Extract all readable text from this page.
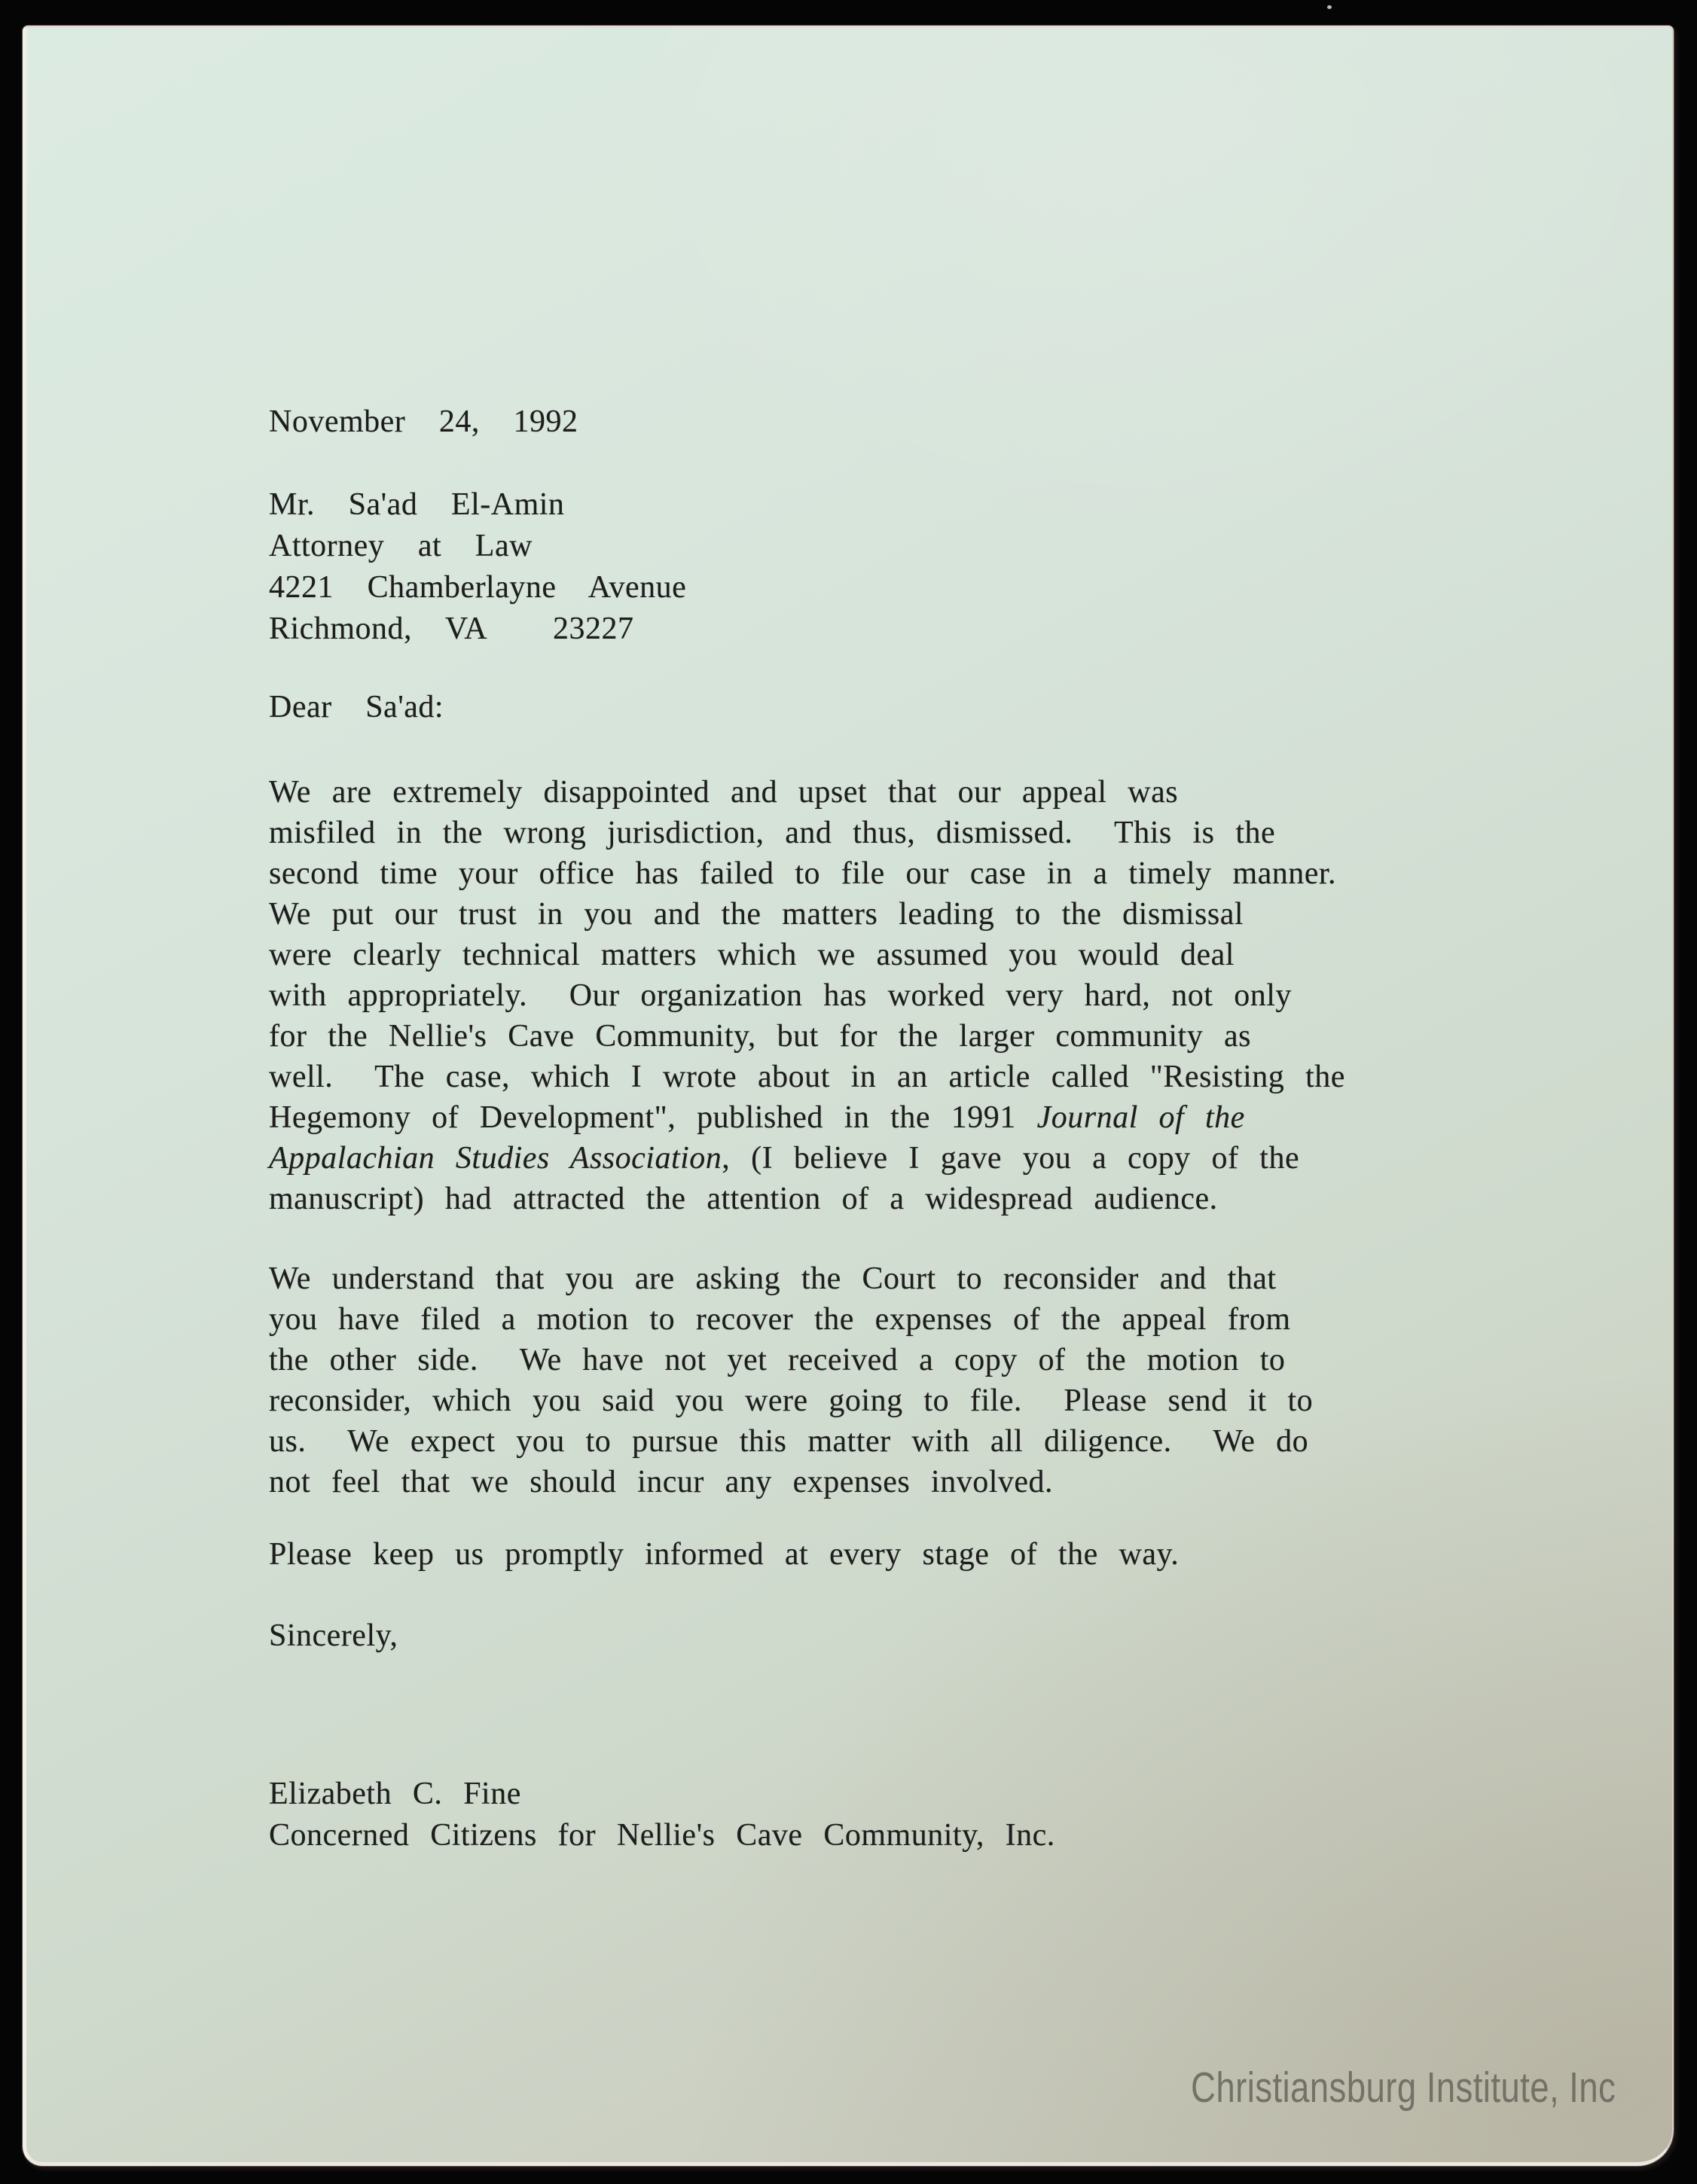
November 24, 1992
Mr. Sa'ad El-Amin
Attorney at Law
4221 Chamberlayne Avenue
Richmond, VA  23227
Dear Sa'ad:
We are extremely disappointed and upset that our appeal was
misfiled in the wrong jurisdiction, and thus, dismissed.  This is the
second time your office has failed to file our case in a timely manner.
We put our trust in you and the matters leading to the dismissal
were clearly technical matters which we assumed you would deal
with appropriately.  Our organization has worked very hard, not only
for the Nellie's Cave Community, but for the larger community as
well.  The case, which I wrote about in an article called "Resisting the
Hegemony of Development", published in the 1991 Journal of the
Appalachian Studies Association, (I believe I gave you a copy of the
manuscript) had attracted the attention of a widespread audience.
We understand that you are asking the Court to reconsider and that
you have filed a motion to recover the expenses of the appeal from
the other side.  We have not yet received a copy of the motion to
reconsider, which you said you were going to file.  Please send it to
us.  We expect you to pursue this matter with all diligence.  We do
not feel that we should incur any expenses involved.
Please keep us promptly informed at every stage of the way.
Sincerely,
Elizabeth C. Fine
Concerned Citizens for Nellie's Cave Community, Inc.
Christiansburg Institute, Inc
